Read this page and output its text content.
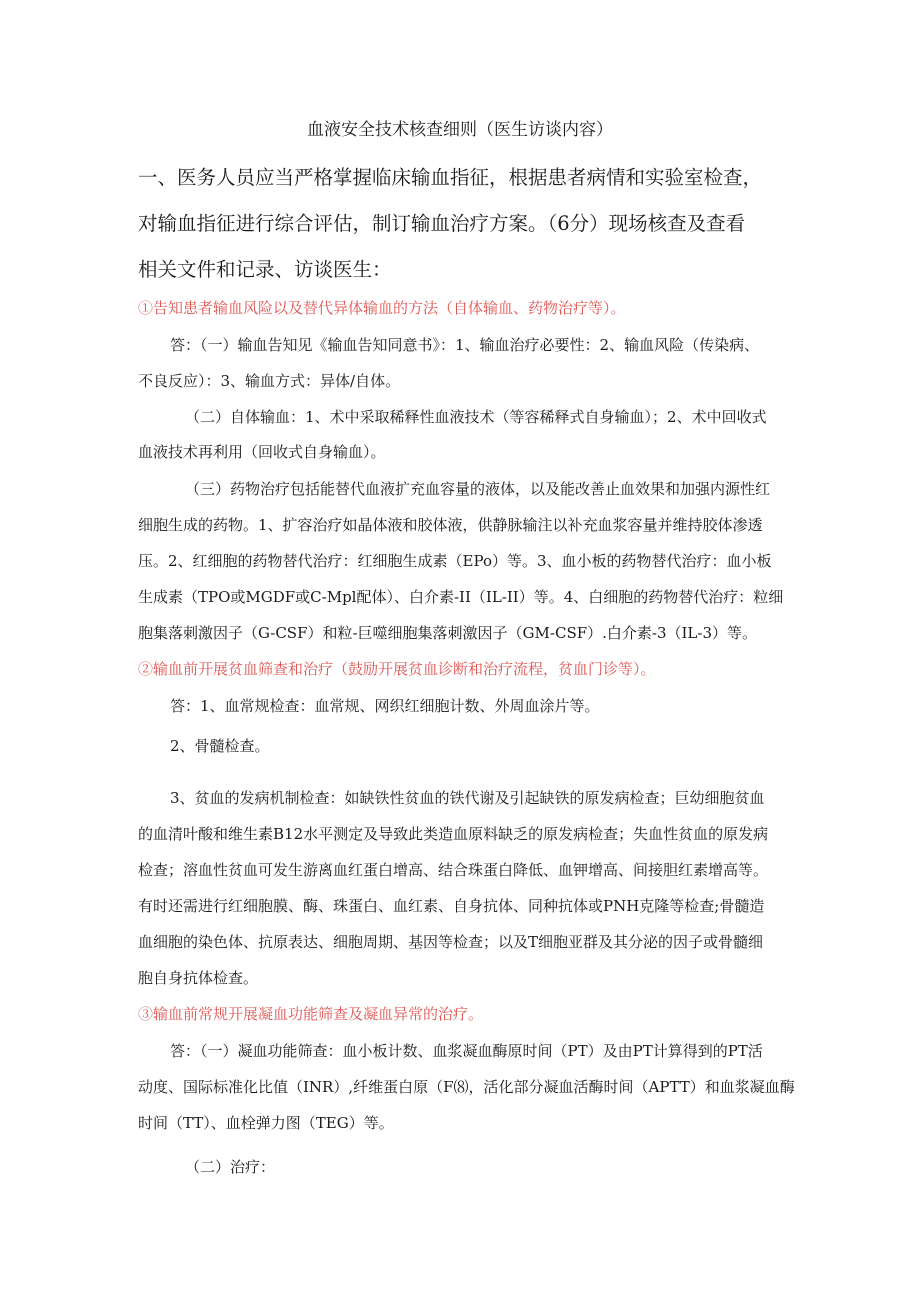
血液安全技术核查细则（医生访谈内容）
一、医务人员应当严格掌握临床输血指征，根据患者病情和实验室检查，
对输血指征进行综合评估，制订输血治疗方案。（6分）现场核查及查看
相关文件和记录、访谈医生：
①告知患者输血风险以及替代异体输血的方法（自体输血、药物治疗等）。
答：（一）输血告知见《输血告知同意书》：1、输血治疗必要性：2、输血风险（传染病、
不良反应）：3、输血方式：异体/自体。
（二）自体输血：1、术中采取稀释性血液技术（等容稀释式自身输血）；2、术中回收式
血液技术再利用（回收式自身输血）。
（三）药物治疗包括能替代血液扩充血容量的液体，以及能改善止血效果和加强内源性红
细胞生成的药物。1、扩容治疗如晶体液和胶体液，供静脉输注以补充血浆容量并维持胶体渗透
压。2、红细胞的药物替代治疗：红细胞生成素（EPo）等。3、血小板的药物替代治疗：血小板
生成素（TPO或MGDF或C-Mpl配体）、白介素-II（IL-II）等。4、白细胞的药物替代治疗：粒细
胞集落刺激因子（G-CSF）和粒-巨噬细胞集落刺激因子（GM-CSF）.白介素-3（IL-3）等。
②输血前开展贫血筛查和治疗（鼓励开展贫血诊断和治疗流程，贫血门诊等）。
答：1、血常规检查：血常规、网织红细胞计数、外周血涂片等。
2、骨髓检查。
3、贫血的发病机制检查：如缺铁性贫血的铁代谢及引起缺铁的原发病检查；巨幼细胞贫血
的血清叶酸和维生素B12水平测定及导致此类造血原料缺乏的原发病检查；失血性贫血的原发病
检查；溶血性贫血可发生游离血红蛋白增高、结合珠蛋白降低、血钾增高、间接胆红素增高等。
有时还需进行红细胞膜、酶、珠蛋白、血红素、自身抗体、同种抗体或PNH克隆等检查;骨髓造
血细胞的染色体、抗原表达、细胞周期、基因等检查；以及T细胞亚群及其分泌的因子或骨髓细
胞自身抗体检查。
③输血前常规开展凝血功能筛查及凝血异常的治疗。
答：（一）凝血功能筛查：血小板计数、血浆凝血酶原时间（PT）及由PT计算得到的PT活
动度、国际标准化比值（INR）,纤维蛋白原（F⑻，活化部分凝血活酶时间（APTT）和血浆凝血酶
时间（TT）、血栓弹力图（TEG）等。
（二）治疗：
